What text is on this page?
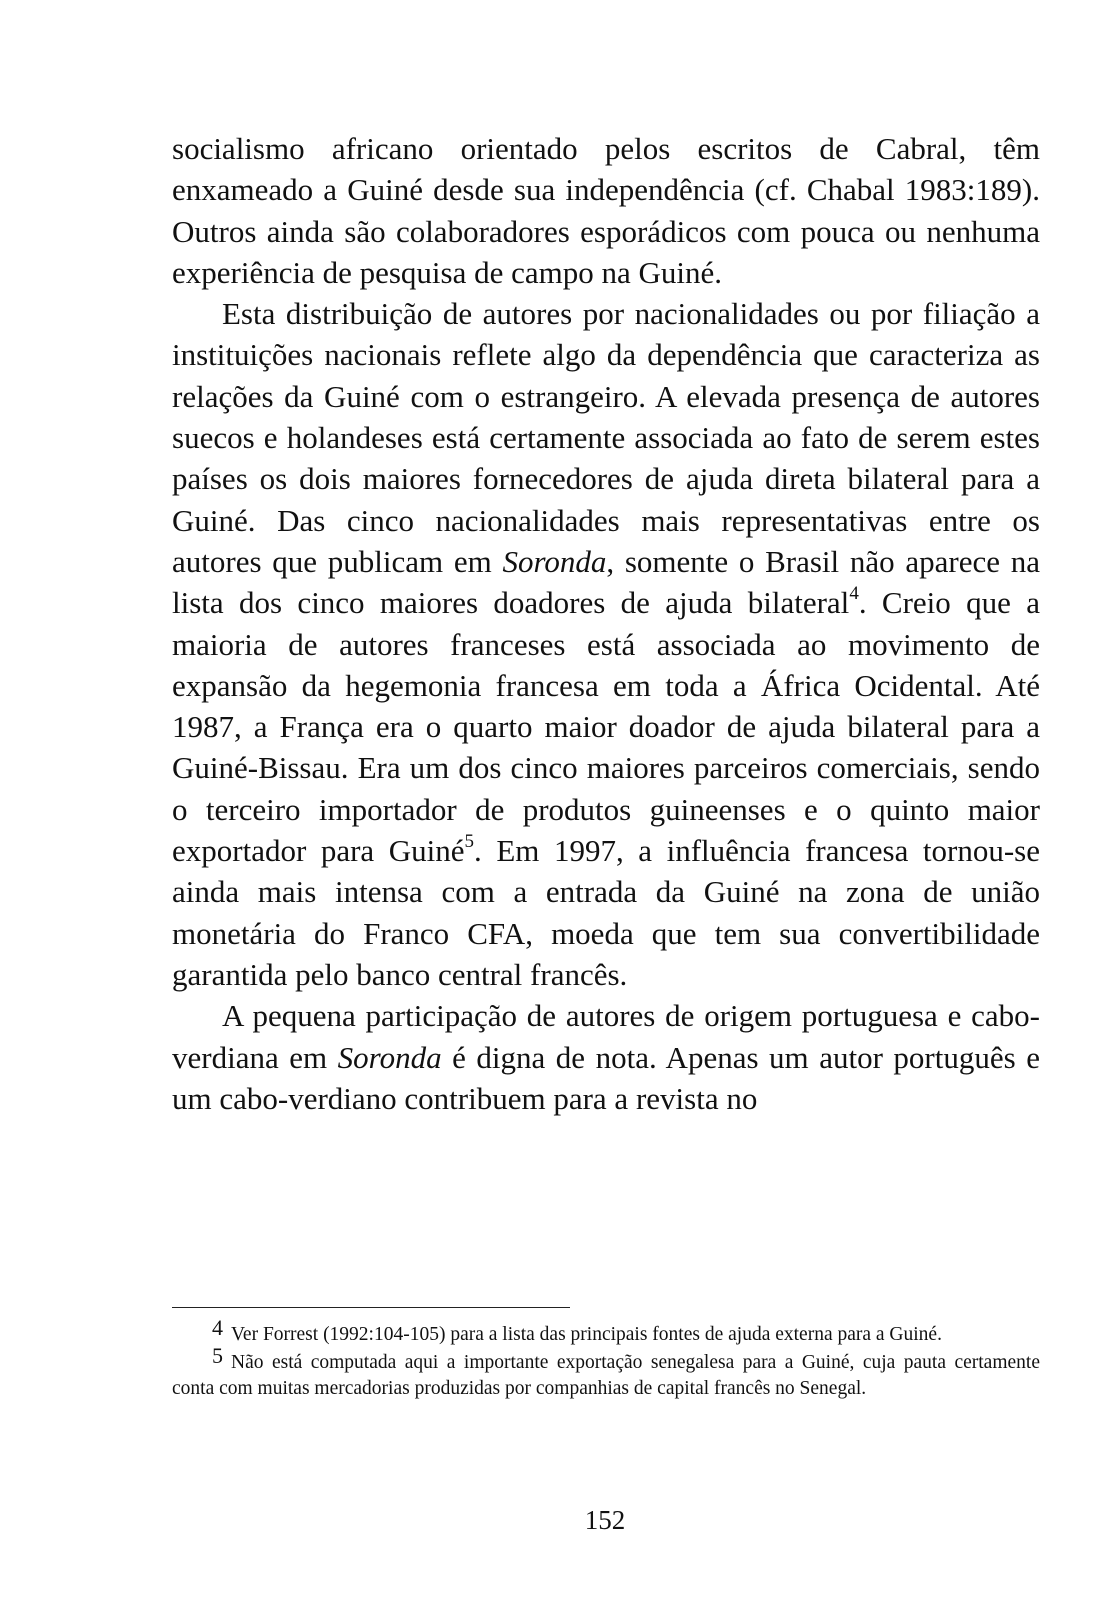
socialismo africano orientado pelos escritos de Cabral, têm enxameado a Guiné desde sua independência (cf. Chabal 1983:189). Outros ainda são colaboradores esporádicos com pouca ou nenhuma experiência de pesquisa de campo na Guiné.

Esta distribuição de autores por nacionalidades ou por filiação a instituições nacionais reflete algo da dependência que caracteriza as relações da Guiné com o estrangeiro. A elevada presença de autores suecos e holandeses está certamente associada ao fato de serem estes países os dois maiores fornecedores de ajuda direta bilateral para a Guiné. Das cinco nacionalidades mais representativas entre os autores que publicam em Soronda, somente o Brasil não aparece na lista dos cinco maiores doadores de ajuda bilateral$^4$. Creio que a maioria de autores franceses está associada ao movimento de expansão da hegemonia francesa em toda a África Ocidental. Até 1987, a França era o quarto maior doador de ajuda bilateral para a Guiné-Bissau. Era um dos cinco maiores parceiros comerciais, sendo o terceiro importador de produtos guineenses e o quinto maior exportador para Guiné$^5$. Em 1997, a influência francesa tornou-se ainda mais intensa com a entrada da Guiné na zona de união monetária do Franco CFA, moeda que tem sua convertibilidade garantida pelo banco central francês.

A pequena participação de autores de origem portuguesa e cabo-verdiana em Soronda é digna de nota. Apenas um autor português e um cabo-verdiano contribuem para a revista no

4 Ver Forrest (1992:104-105) para a lista das principais fontes de ajuda externa para a Guiné.

5 Não está computada aqui a importante exportação senegalesa para a Guiné, cuja pauta certamente conta com muitas mercadorias produzidas por companhias de capital francês no Senegal.

152
